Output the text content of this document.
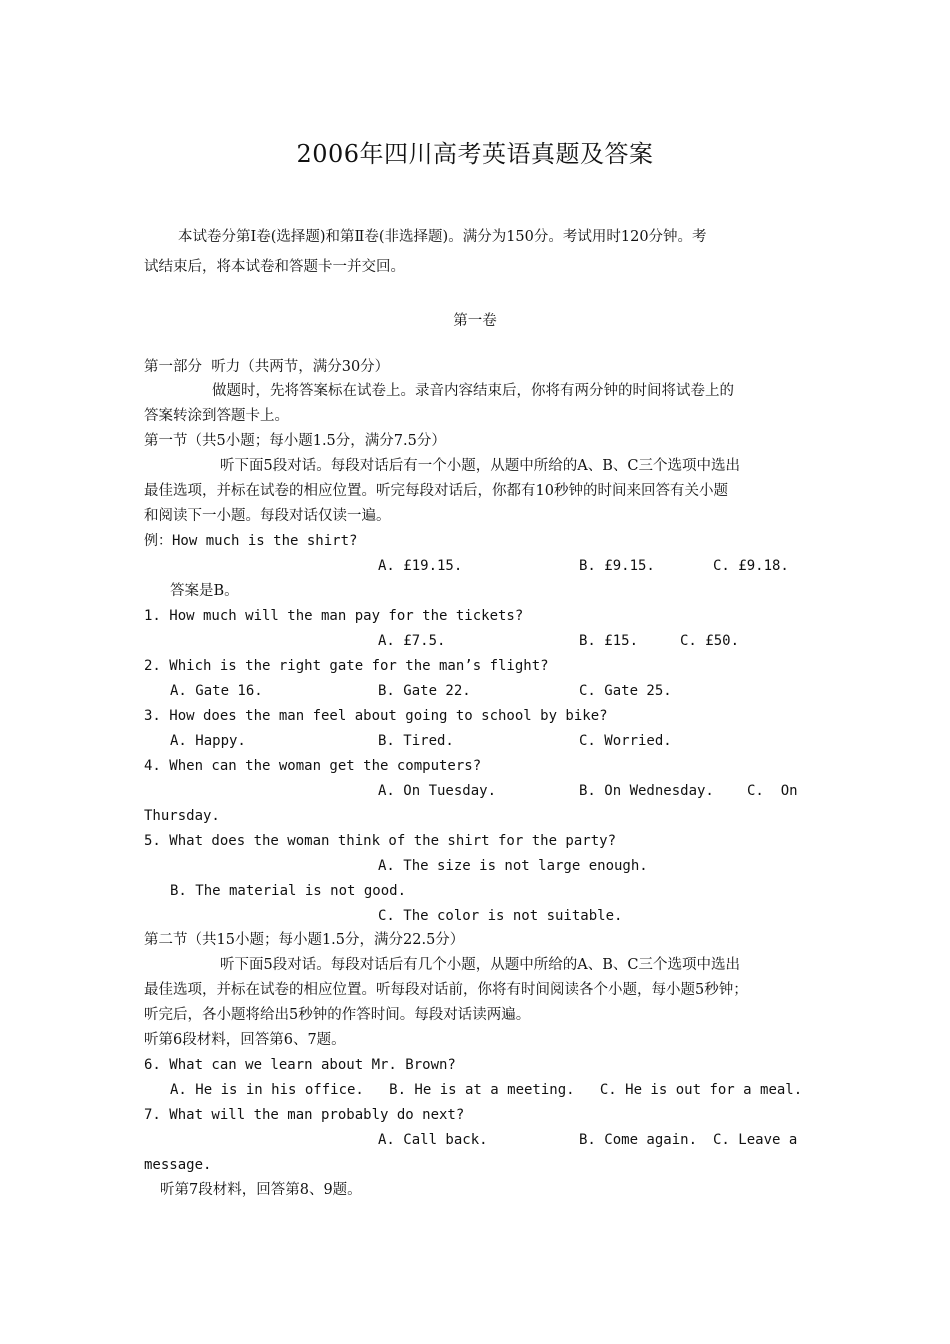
2006年四川高考英语真题及答案
本试卷分第Ⅰ卷(选择题)和第Ⅱ卷(非选择题)。满分为150分。考试用时120分钟。考
试结束后，将本试卷和答题卡一并交回。
第一卷
第一部分  听力（共两节，满分30分）
做题时，先将答案标在试卷上。录音内容结束后，你将有两分钟的时间将试卷上的
答案转涂到答题卡上。
第一节（共5小题；每小题1.5分，满分7.5分）
听下面5段对话。每段对话后有一个小题，从题中所给的A、B、C三个选项中选出
最佳选项，并标在试卷的相应位置。听完每段对话后，你都有10秒钟的时间来回答有关小题
和阅读下一小题。每段对话仅读一遍。
例：How much is the shirt?
A. £19.15.	B. £9.15.	C. £9.18.
答案是B。
1. How much will the man pay for the tickets?
A. £7.5.	B. £15.	C. £50.
2. Which is the right gate for the man’s flight?
A. Gate 16.	B. Gate 22.	C. Gate 25.
3. How does the man feel about going to school by bike?
A. Happy.	B. Tired.	C. Worried.
4. When can the woman get the computers?
A. On Tuesday.	B. On Wednesday. C.  On
Thursday.
5. What does the woman think of the shirt for the party?
A. The size is not large enough.
B. The material is not good.
C. The color is not suitable.
第二节（共15小题；每小题1.5分，满分22.5分）
听下面5段对话。每段对话后有几个小题，从题中所给的A、B、C三个选项中选出
最佳选项，并标在试卷的相应位置。听每段对话前，你将有时间阅读各个小题，每小题5秒钟；
听完后，各小题将给出5秒钟的作答时间。每段对话读两遍。
听第6段材料，回答第6、7题。
6. What can we learn about Mr. Brown?
A. He is in his office.   B. He is at a meeting.   C. He is out for a meal.
7. What will the man probably do next?
A. Call back.	B. Come again. C. Leave a
message.
听第7段材料，回答第8、9题。
